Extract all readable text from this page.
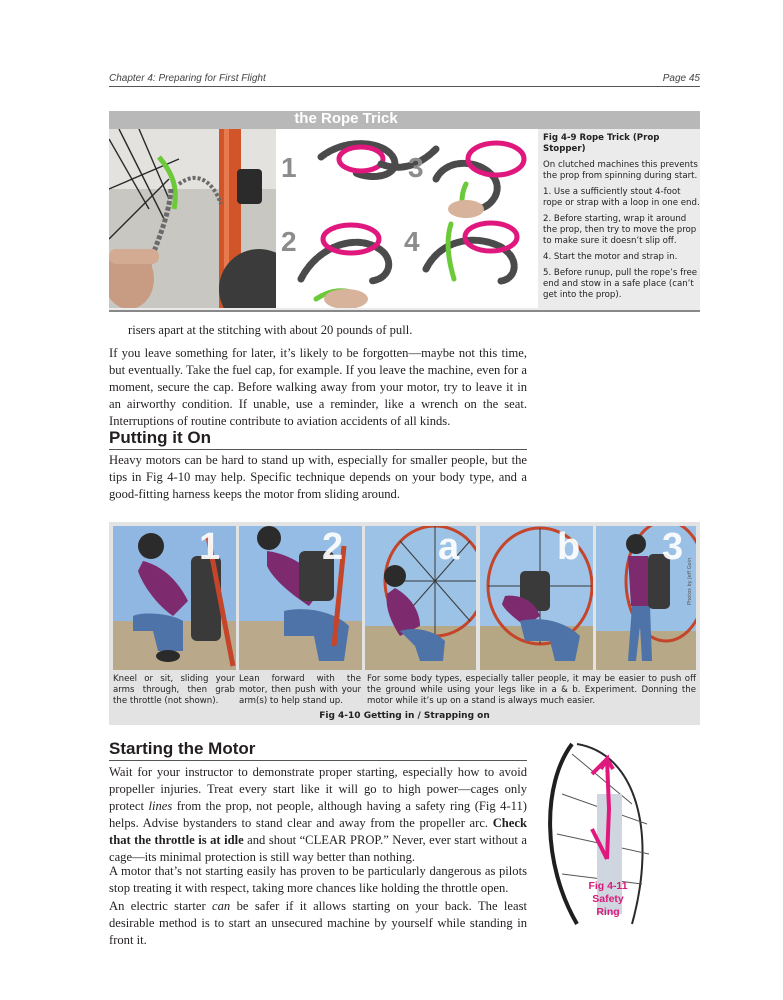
Chapter 4: Preparing for First Flight	Page 45
the Rope Trick
1	3
2	4

Fig 4-9 Rope Trick (Prop Stopper)

On clutched machines this prevents the prop from spinning during start.

1. Use a sufficiently stout 4-foot rope or strap with a loop in one end.

2. Before starting, wrap it around the prop, then try to move the prop to make sure it doesn’t slip off.

4. Start the motor and strap in.

5. Before runup, pull the rope’s free end and stow in a safe place (can’t get into the prop).

risers apart at the stitching with about 20 pounds of pull.

If you leave something for later, it’s likely to be forgotten—maybe not this time, but eventually. Take the fuel cap, for example. If you leave the machine, even for a moment, secure the cap. Before walking away from your motor, try to leave it in an airworthy condition. If unable, use a reminder, like a wrench on the seat. Interruptions of routine contribute to aviation accidents of all kinds.

Putting it On

Heavy motors can be hard to stand up with, especially for smaller people, but the tips in Fig 4-10 may help. Specific technique depends on your body type, and a good-fitting harness keeps the motor from sliding around.

1	2 a	b 3
Photos by Jeff Goin
Kneel or sit, sliding your arms through, then grab the throttle (not shown).
Lean forward with the motor, then push with your arm(s) to help stand up.
For some body types, especially taller people, it may be easier to push off the ground while using your legs like in a & b. Experiment. Donning the motor while it’s up on a stand is always much easier.
Fig 4-10 Getting in / Strapping on
Starting the Motor

Wait for your instructor to demonstrate proper starting, especially how to avoid propeller injuries. Treat every start like it will go to high power—cages only protect lines from the prop, not people, although having a safety ring (Fig 4-11) helps. Advise bystanders to stand clear and away from the propeller arc. Check that the throttle is at idle and shout “CLEAR PROP.” Never, ever start without a cage—its minimal protection is still way better than nothing.

A motor that’s not starting easily has proven to be particularly dangerous as pilots stop treating it with respect, taking more chances like holding the throttle open.

An electric starter can be safer if it allows starting on your back. The least desirable method is to start an unsecured machine by yourself while standing in front it.

Fig 4-11
Safety
Ring
